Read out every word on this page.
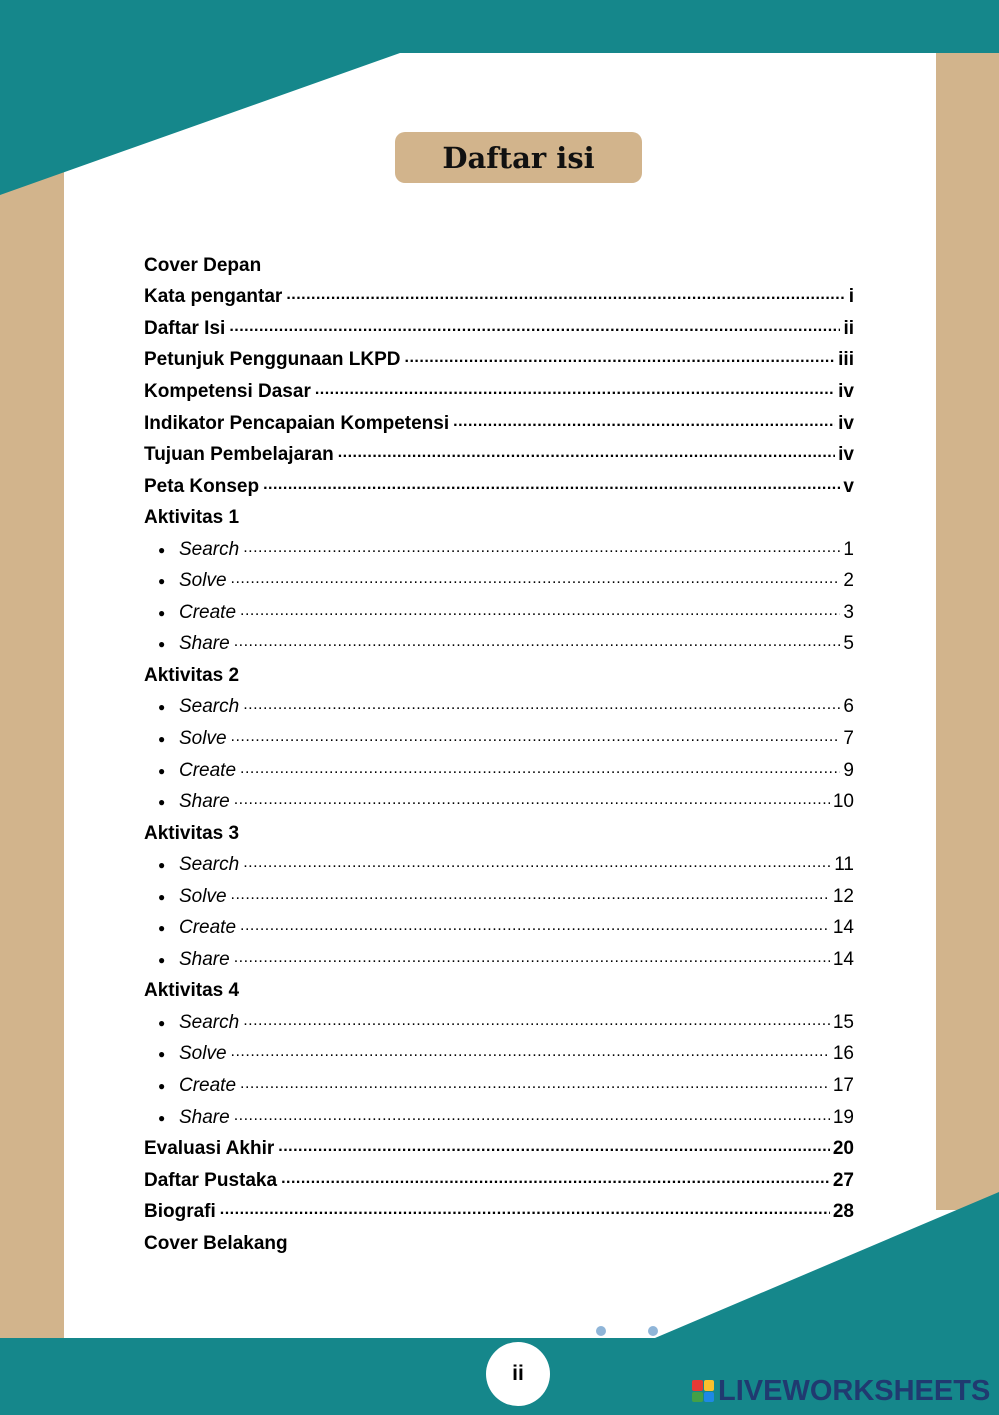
Daftar isi
Cover Depan
Kata pengantar .....	i
Daftar Isi .....	ii
Petunjuk Penggunaan LKPD .....	iii
Kompetensi Dasar .....	iv
Indikator Pencapaian Kompetensi .....	iv
Tujuan Pembelajaran .....	iv
Peta Konsep .....	v
Aktivitas 1
● Search .....	1
● Solve .....	2
● Create .....	3
● Share .....	5
Aktivitas 2
● Search .....	6
● Solve .....	7
● Create .....	9
● Share .....	10
Aktivitas 3
● Search .....	11
● Solve .....	12
● Create .....	14
● Share .....	14
Aktivitas 4
● Search .....	15
● Solve .....	16
● Create .....	17
● Share .....	19
Evaluasi Akhir .....	20
Daftar Pustaka .....	27
Biografi .....	28
Cover Belakang
ii
LIVEWORKSHEETS
